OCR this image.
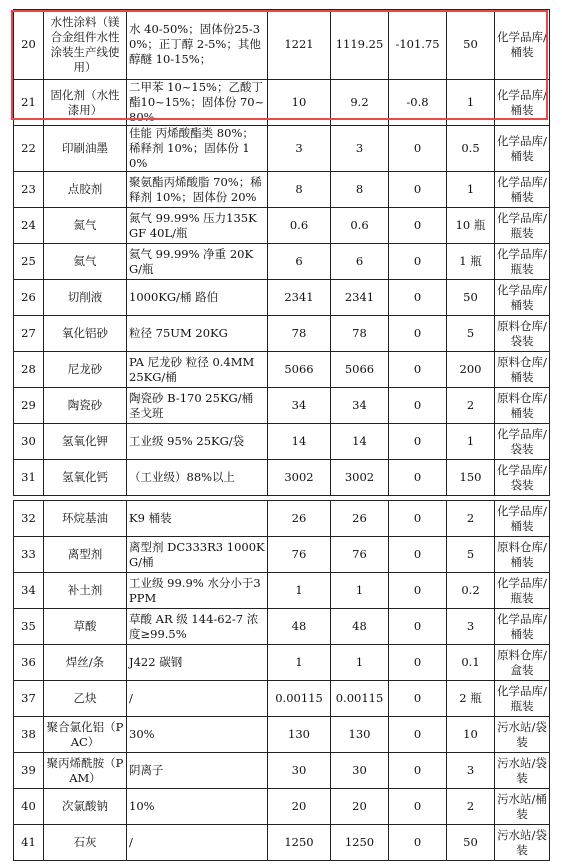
20	水性涂料（镁合金组件水性涂装生产线使用）	水 40-50%；固体份25-30%；正丁醇 2-5%；其他醇醚 10-15%；	1221	1119.25	-101.75	50	化学品库/桶装
21	固化剂（水性漆用）	二甲苯 10~15%；乙酸丁酯10~15%；固体份 70~80%	10	9.2	-0.8	1	化学品库/桶装
22	印刷油墨	佳能 丙烯酸酯类 80%；稀释剂 10%；固体份 10%	3	3	0	0.5	化学品库/桶装
23	点胶剂	聚氨酯丙烯酸脂 70%；稀释剂 10%；固体份 20%	8	8	0	1	化学品库/桶装
24	氮气	氮气 99.99% 压力135KGF 40L/瓶	0.6	0.6	0	10 瓶	化学品库/瓶装
25	氦气	氦气 99.99% 净重 20KG/瓶	6	6	0	1 瓶	化学品库/瓶装
26	切削液	1000KG/桶 路伯	2341	2341	0	50	化学品库/桶装
27	氧化铝砂	粒径 75UM 20KG	78	78	0	5	原料仓库/袋装
28	尼龙砂	PA 尼龙砂 粒径 0.4MM 25KG/桶	5066	5066	0	200	原料仓库/桶装
29	陶瓷砂	陶瓷砂 B-170 25KG/桶 圣戈班	34	34	0	2	原料仓库/桶装
30	氢氧化钾	工业级 95% 25KG/袋	14	14	0	1	化学品库/袋装
31	氢氧化钙	（工业级）88%以上	3002	3002	0	150	化学品库/袋装
32	环烷基油	K9 桶装	26	26	0	2	化学品库/桶装
33	离型剂	离型剂 DC333R3 1000KG/桶	76	76	0	5	原料仓库/桶装
34	补土剂	工业级 99.9% 水分小于3PPM	1	1	0	0.2	化学品库/瓶装
35	草酸	草酸 AR 级 144-62-7 浓度≥99.5%	48	48	0	3	化学品库/桶装
36	焊丝/条	J422 碳钢	1	1	0	0.1	原料仓库/盒装
37	乙炔	/	0.00115	0.00115	0	2 瓶	化学品库/瓶装
38	聚合氯化铝（PAC）	30%	130	130	0	10	污水站/袋装
39	聚丙烯酰胺（PAM）	阴离子	30	30	0	3	污水站/袋装
40	次氯酸钠	10%	20	20	0	2	污水站/桶装
41	石灰	/	1250	1250	0	50	污水站/袋装
